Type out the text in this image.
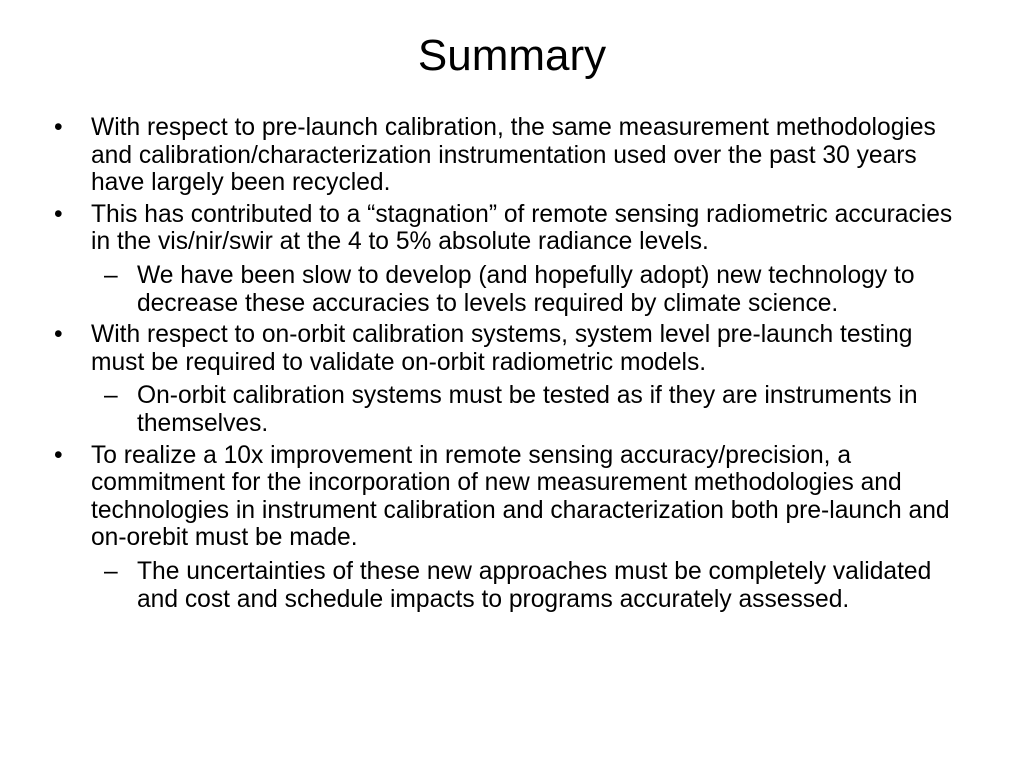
Summary

• With respect to pre-launch calibration, the same measurement methodologies and calibration/characterization instrumentation used over the past 30 years have largely been recycled.

• This has contributed to a “stagnation” of remote sensing radiometric accuracies in the vis/nir/swir at the 4 to 5% absolute radiance levels.

– We have been slow to develop (and hopefully adopt) new technology to decrease these accuracies to levels required by climate science.

• With respect to on-orbit calibration systems, system level pre-launch testing must be required to validate on-orbit radiometric models.

– On-orbit calibration systems must be tested as if they are instruments in themselves.

• To realize a 10x improvement in remote sensing accuracy/precision, a commitment for the incorporation of new measurement methodologies and technologies in instrument calibration and characterization both pre-launch and on-orebit must be made.

– The uncertainties of these new approaches must be completely validated and cost and schedule impacts to programs accurately assessed.
